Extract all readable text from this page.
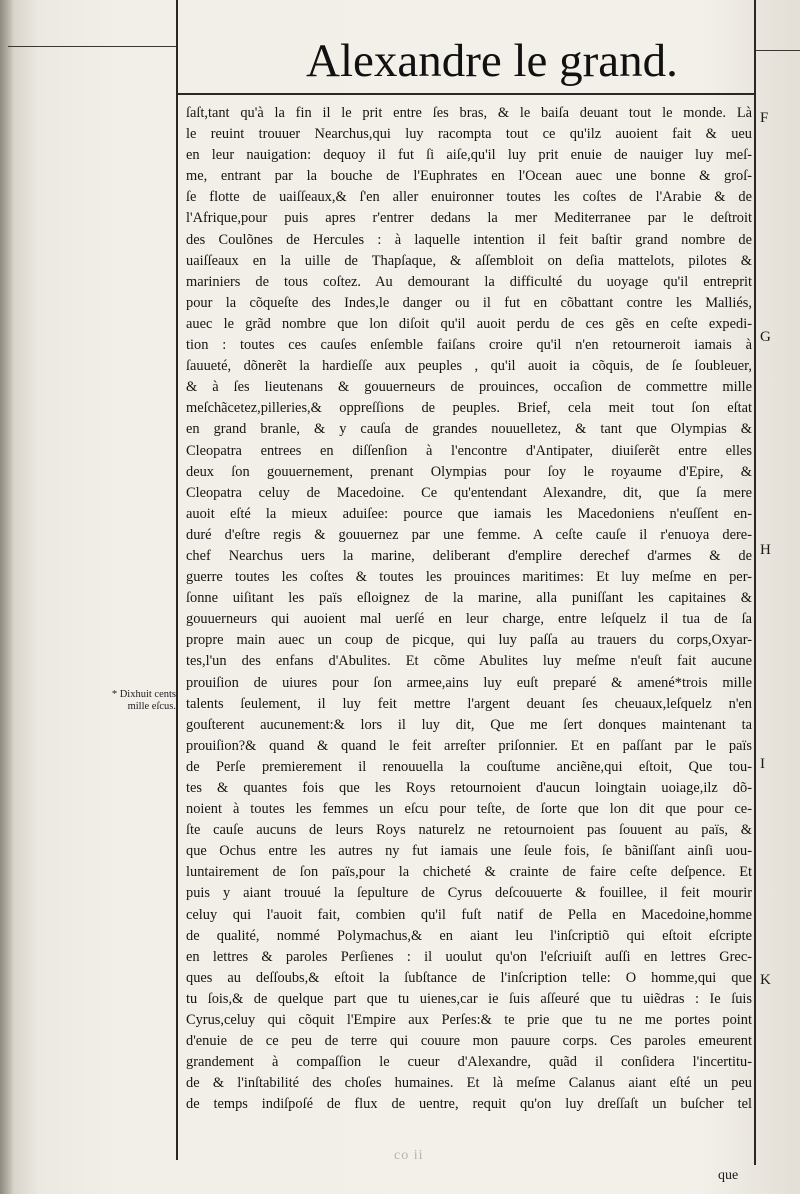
Alexandre le grand.
ſaſt,tant qu'à la fin il le prit entre ſes bras, & le baiſa deuant tout le monde. Là
le reuint trouuer Nearchus,qui luy racompta tout ce qu'ilz auoient fait & ueu
en leur nauigation: dequoy il fut ſi aiſe,qu'il luy prit enuie de nauiger luy meſ-
me, entrant par la bouche de l'Euphrates en l'Ocean auec une bonne & groſ-
ſe flotte de uaiſſeaux,& ſ'en aller enuironner toutes les coſtes de l'Arabie & de
l'Afrique,pour puis apres r'entrer dedans la mer Mediterranee par le deſtroit
des Coulõnes de Hercules : à laquelle intention il feit baſtir grand nombre de
uaiſſeaux en la uille de Thapſaque, & aſſembloit on deſia mattelots, pilotes &
mariniers de tous coſtez. Au demourant la difficulté du uoyage qu'il entreprit
pour la cõqueſte des Indes,le danger ou il fut en cõbattant contre les Malliés,
auec le grãd nombre que lon diſoit qu'il auoit perdu de ces gẽs en ceſte expedi-
tion : toutes ces cauſes enſemble faiſans croire qu'il n'en retourneroit iamais à
ſauueté, dõnerẽt la hardieſſe aux peuples , qu'il auoit ia cõquis, de ſe ſoubleuer,
& à ſes lieutenans & gouuerneurs de prouinces, occaſion de commettre mille
meſchãcetez,pilleries,& oppreſſions de peuples. Brief, cela meit tout ſon eſtat
en grand branle, & y cauſa de grandes nouuelletez, & tant que Olympias &
Cleopatra entrees en diſſenſion à l'encontre d'Antipater, diuiſerẽt entre elles
deux ſon gouuernement, prenant Olympias pour ſoy le royaume d'Epire, &
Cleopatra celuy de Macedoine. Ce qu'entendant Alexandre, dit, que ſa mere
auoit eſté la mieux aduiſee: pource que iamais les Macedoniens n'euſſent en-
duré d'eſtre regis & gouuernez par une femme. A ceſte cauſe il r'enuoya dere-
chef Nearchus uers la marine, deliberant d'emplire derechef d'armes & de
guerre toutes les coſtes & toutes les prouinces maritimes: Et luy meſme en per-
ſonne uiſitant les païs eſloignez de la marine, alla puniſſant les capitaines &
gouuerneurs qui auoient mal uerſé en leur charge, entre leſquelz il tua de ſa
propre main auec un coup de picque, qui luy paſſa au trauers du corps,Oxyar-
tes,l'un des enfans d'Abulites. Et cõme Abulites luy meſme n'euſt fait aucune
prouiſion de uiures pour ſon armee,ains luy euſt preparé & amené*trois mille
talents ſeulement, il luy feit mettre l'argent deuant ſes cheuaux,leſquelz n'en
gouſterent aucunement:& lors il luy dit, Que me ſert donques maintenant ta
prouiſion?& quand & quand le feit arreſter priſonnier. Et en paſſant par le païs
de Perſe premierement il renouuella la couſtume anciẽne,qui eſtoit, Que tou-
tes & quantes fois que les Roys retournoient d'aucun loingtain uoiage,ilz dõ-
noient à toutes les femmes un eſcu pour teſte, de ſorte que lon dit que pour ce-
ſte cauſe aucuns de leurs Roys naturelz ne retournoient pas ſouuent au païs, &
que Ochus entre les autres ny fut iamais une ſeule fois, ſe bãniſſant ainſi uou-
luntairement de ſon païs,pour la chicheté & crainte de faire ceſte deſpence. Et
puis y aiant trouué la ſepulture de Cyrus deſcouuerte & fouillee, il feit mourir
celuy qui l'auoit fait, combien qu'il fuſt natif de Pella en Macedoine,homme
de qualité, nommé Polymachus,& en aiant leu l'inſcriptiõ qui eſtoit eſcripte
en lettres & paroles Perſienes : il uoulut qu'on l'eſcriuiſt auſſi en lettres Grec-
ques au deſſoubs,& eſtoit la ſubſtance de l'inſcription telle: O homme,qui que
tu ſois,& de quelque part que tu uienes,car ie ſuis aſſeuré que tu uiẽdras : Ie ſuis
Cyrus,celuy qui cõquit l'Empire aux Perſes:& te prie que tu ne me portes point
d'enuie de ce peu de terre qui couure mon pauure corps. Ces paroles emeurent
grandement à compaſſion le cueur d'Alexandre, quãd il conſidera l'incertitu-
de & l'inſtabilité des choſes humaines. Et là meſme Calanus aiant eſté un peu
de temps indiſpoſé de flux de uentre, requit qu'on luy dreſſaſt un buſcher tel
* Dixhuit cents
mille eſcus.
F
G
H
I
K
co ii
que
